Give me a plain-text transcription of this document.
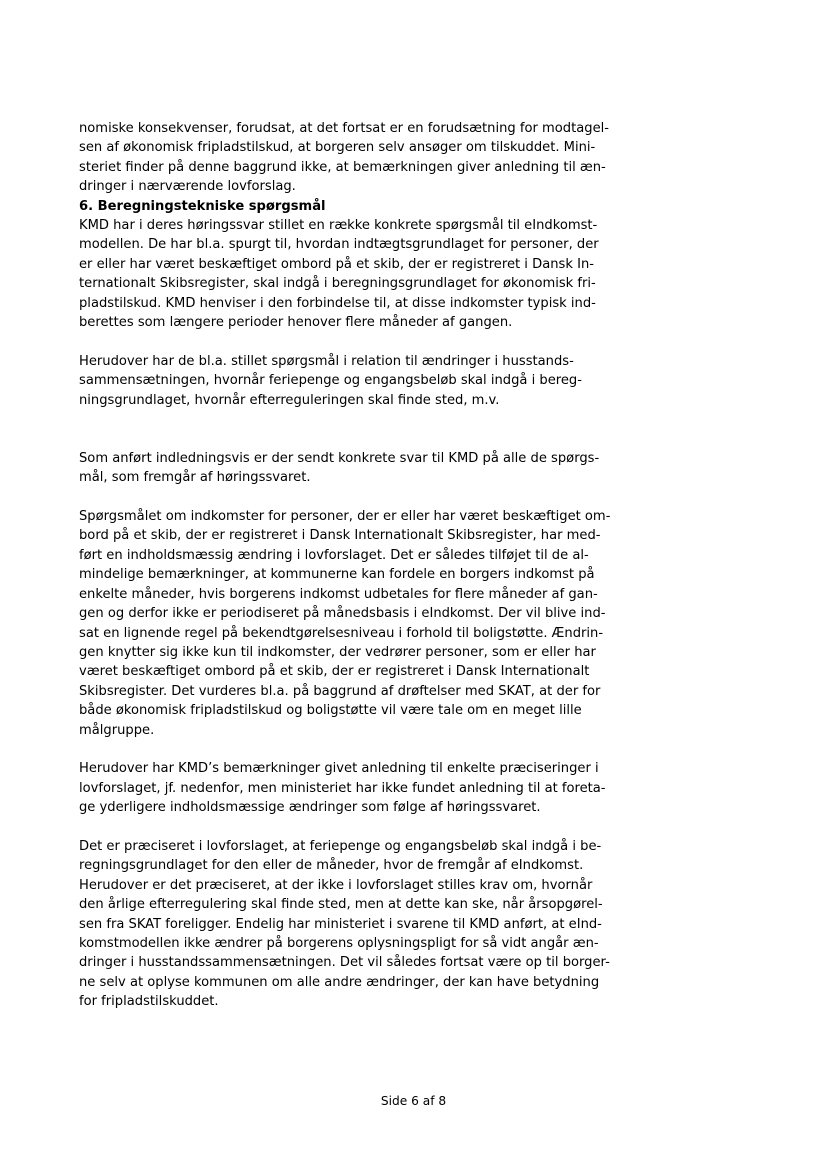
nomiske konsekvenser, forudsat, at det fortsat er en forudsætning for modtagel-
sen af økonomisk fripladstilskud, at borgeren selv ansøger om tilskuddet. Mini-
steriet finder på denne baggrund ikke, at bemærkningen giver anledning til æn-
dringer i nærværende lovforslag.
6. Beregningstekniske spørgsmål
KMD har i deres høringssvar stillet en række konkrete spørgsmål til eIndkomst-
modellen. De har bl.a. spurgt til, hvordan indtægtsgrundlaget for personer, der
er eller har været beskæftiget ombord på et skib, der er registreret i Dansk In-
ternationalt Skibsregister, skal indgå i beregningsgrundlaget for økonomisk fri-
pladstilskud. KMD henviser i den forbindelse til, at disse indkomster typisk ind-
berettes som længere perioder henover flere måneder af gangen.
Herudover har de bl.a. stillet spørgsmål i relation til ændringer i husstands-
sammensætningen, hvornår feriepenge og engangsbeløb skal indgå i bereg-
ningsgrundlaget, hvornår efterreguleringen skal finde sted, m.v.
Som anført indledningsvis er der sendt konkrete svar til KMD på alle de spørgs-
mål, som fremgår af høringssvaret.
Spørgsmålet om indkomster for personer, der er eller har været beskæftiget om-
bord på et skib, der er registreret i Dansk Internationalt Skibsregister, har med-
ført en indholdsmæssig ændring i lovforslaget. Det er således tilføjet til de al-
mindelige bemærkninger, at kommunerne kan fordele en borgers indkomst på
enkelte måneder, hvis borgerens indkomst udbetales for flere måneder af gan-
gen og derfor ikke er periodiseret på månedsbasis i eIndkomst. Der vil blive ind-
sat en lignende regel på bekendtgørelsesniveau i forhold til boligstøtte. Ændrin-
gen knytter sig ikke kun til indkomster, der vedrører personer, som er eller har
været beskæftiget ombord på et skib, der er registreret i Dansk Internationalt
Skibsregister. Det vurderes bl.a. på baggrund af drøftelser med SKAT, at der for
både økonomisk fripladstilskud og boligstøtte vil være tale om en meget lille
målgruppe.
Herudover har KMD’s bemærkninger givet anledning til enkelte præciseringer i
lovforslaget, jf. nedenfor, men ministeriet har ikke fundet anledning til at foreta-
ge yderligere indholdsmæssige ændringer som følge af høringssvaret.
Det er præciseret i lovforslaget, at feriepenge og engangsbeløb skal indgå i be-
regningsgrundlaget for den eller de måneder, hvor de fremgår af eIndkomst.
Herudover er det præciseret, at der ikke i lovforslaget stilles krav om, hvornår
den årlige efterregulering skal finde sted, men at dette kan ske, når årsopgørel-
sen fra SKAT foreligger. Endelig har ministeriet i svarene til KMD anført, at eInd-
komstmodellen ikke ændrer på borgerens oplysningspligt for så vidt angår æn-
dringer i husstandssammensætningen. Det vil således fortsat være op til borger-
ne selv at oplyse kommunen om alle andre ændringer, der kan have betydning
for fripladstilskuddet.
Side 6 af 8
